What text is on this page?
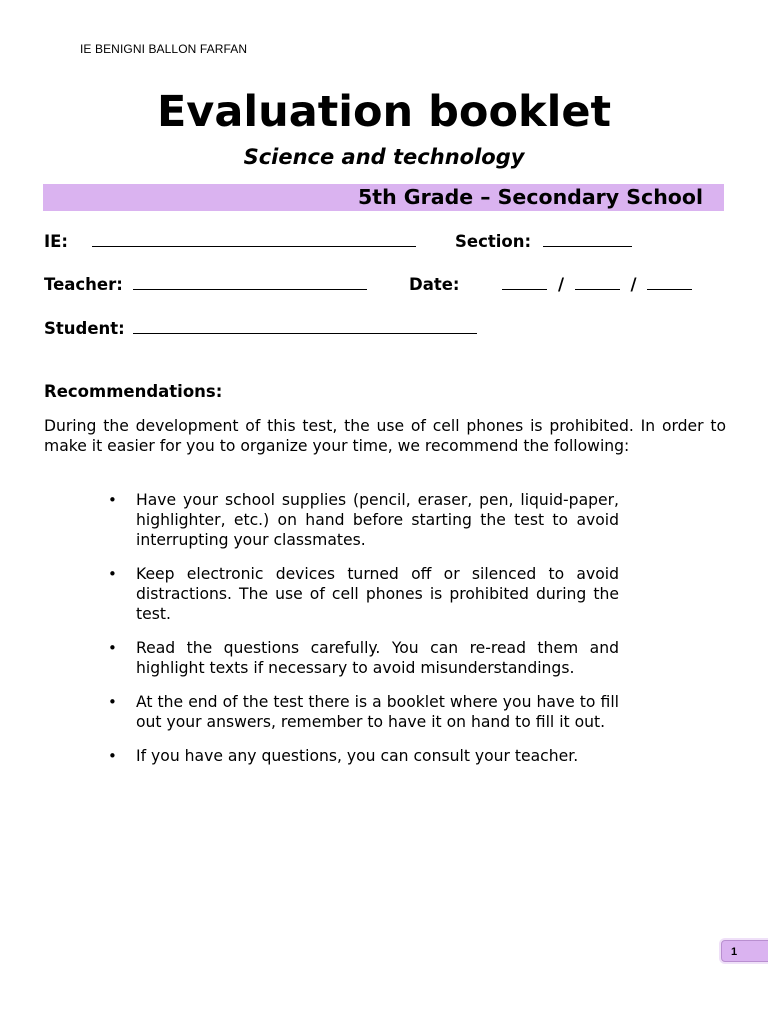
IE BENIGNI BALLON FARFAN
Evaluation booklet
Science and technology
5th Grade – Secondary School
IE:	Section:
Teacher:	Date:	/	/
Student:
Recommendations:
During the development of this test, the use of cell phones is prohibited. In order to make it easier for you to organize your time, we recommend the following:
• Have your school supplies (pencil, eraser, pen, liquid-paper, highlighter, etc.) on hand before starting the test to avoid interrupting your classmates.
• Keep electronic devices turned off or silenced to avoid distractions. The use of cell phones is prohibited during the test.
• Read the questions carefully. You can re-read them and highlight texts if necessary to avoid misunderstandings.
• At the end of the test there is a booklet where you have to fill out your answers, remember to have it on hand to fill it out.
• If you have any questions, you can consult your teacher.
1
